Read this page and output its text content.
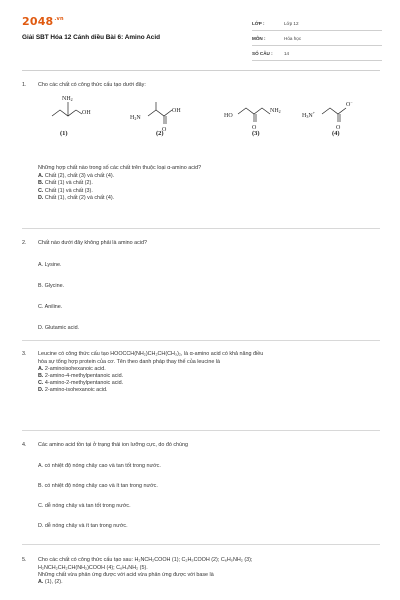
$2048^{.vn}$
Giải SBT Hóa 12 Cánh diều Bài 6: Amino Acid
LỚP :	Lớp 12
MÔN :	Hóa học
SỐ CÂU :	14
1.	Cho các chất có công thức cấu tạo dưới đây:
NH2
OH
(1)
H2N
OH
O
(2)
HO
NH2
O
(3)
H3N+
O−
O
(4)
Những hợp chất nào trong số các chất trên thuộc loại α-amino acid?
A. Chất (2), chất (3) và chất (4).
B. Chất (1) và chất (2).
C. Chất (1) và chất (3).
D. Chất (1), chất (2) và chất (4).
2.	Chất nào dưới đây không phải là amino acid?
A. Lysine.
B. Glycine.
C. Aniline.
D. Glutamic acid.
3.	Leucine có công thức cấu tạo HOOCCH(NH₂)CH₂CH(CH₃)₂, là α-amino acid có khả năng điều
hòa sự tổng hợp protein của cơ. Tên theo danh pháp thay thế của leucine là
A. 2-aminoisohexanoic acid.
B. 2-amino-4-methylpentanoic acid.
C. 4-amino-2-methylpentanoic acid.
D. 2-amino-isohexanoic acid.
4.	Các amino acid tồn tại ở trạng thái ion lưỡng cực, do đó chúng
A. có nhiệt độ nóng chảy cao và tan tốt trong nước.
B. có nhiệt độ nóng chảy cao và ít tan trong nước.
C. dễ nóng chảy và tan tốt trong nước.
D. dễ nóng chảy và ít tan trong nước.
5.	Cho các chất có công thức cấu tạo sau: H₂NCH₂COOH (1); C₂H₅COOH (2); C₆H₅NH₂ (3);
H₂NCH₂CH₂CH(NH₂)COOH (4); C₆H₄NH₂ (5).
Những chất vừa phản ứng được với acid vừa phản ứng được với base là
A. (1), (2).
